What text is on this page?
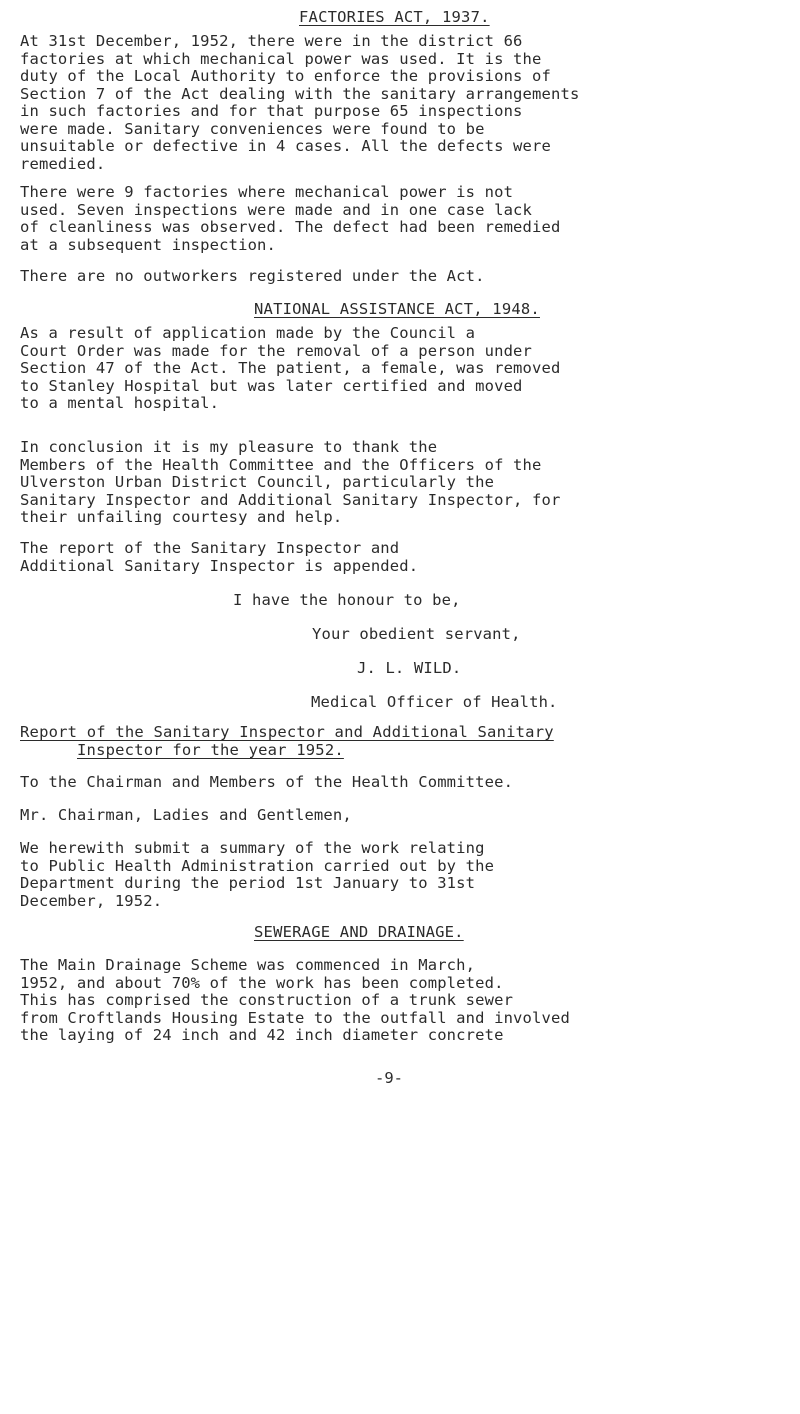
FACTORIES ACT, 1937.
At 31st December, 1952, there were in the district 66
factories at which mechanical power was used. It is the
duty of the Local Authority to enforce the provisions of
Section 7 of the Act dealing with the sanitary arrangements
in such factories and for that purpose 65 inspections
were made. Sanitary conveniences were found to be
unsuitable or defective in 4 cases. All the defects were
remedied.
There were 9 factories where mechanical power is not
used. Seven inspections were made and in one case lack
of cleanliness was observed. The defect had been remedied
at a subsequent inspection.
There are no outworkers registered under the Act.
NATIONAL ASSISTANCE ACT, 1948.
As a result of application made by the Council a
Court Order was made for the removal of a person under
Section 47 of the Act. The patient, a female, was removed
to Stanley Hospital but was later certified and moved
to a mental hospital.
In conclusion it is my pleasure to thank the
Members of the Health Committee and the Officers of the
Ulverston Urban District Council, particularly the
Sanitary Inspector and Additional Sanitary Inspector, for
their unfailing courtesy and help.
The report of the Sanitary Inspector and
Additional Sanitary Inspector is appended.
I have the honour to be,
Your obedient servant,
J. L. WILD.
Medical Officer of Health.
Report of the Sanitary Inspector and Additional Sanitary
Inspector for the year 1952.
To the Chairman and Members of the Health Committee.
Mr. Chairman, Ladies and Gentlemen,
We herewith submit a summary of the work relating
to Public Health Administration carried out by the
Department during the period 1st January to 31st
December, 1952.
SEWERAGE AND DRAINAGE.
The Main Drainage Scheme was commenced in March,
1952, and about 70% of the work has been completed.
This has comprised the construction of a trunk sewer
from Croftlands Housing Estate to the outfall and involved
the laying of 24 inch and 42 inch diameter concrete
-9-
